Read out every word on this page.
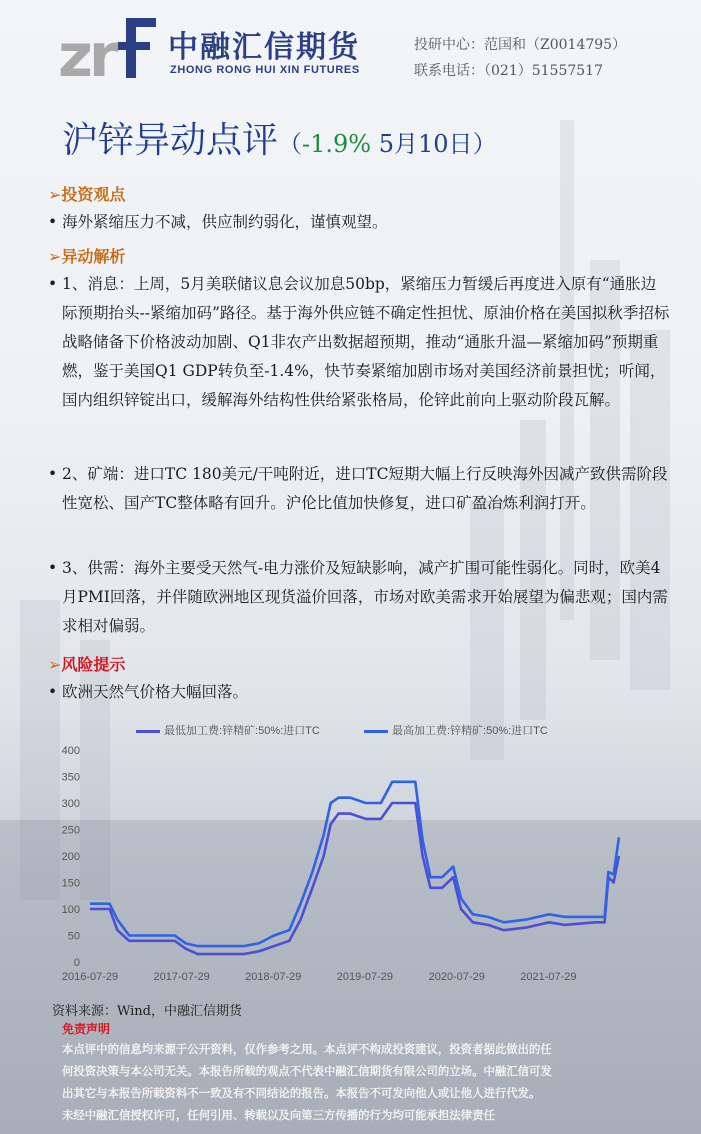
zr 中融汇信期货
ZHONG RONG HUI XIN FUTURES
投研中心：范国和（Z0014795）
联系电话：（021）51557517
沪锌异动点评（-1.9% 5月10日）
➢投资观点
• 海外紧缩压力不减，供应制约弱化，谨慎观望。
➢异动解析
• 1、消息：上周，5月美联储议息会议加息50bp，紧缩压力暂缓后再度进入原有“通胀边际预期抬头--紧缩加码”路径。基于海外供应链不确定性担忧、原油价格在美国拟秋季招标战略储备下价格波动加剧、Q1非农产出数据超预期，推动“通胀升温—紧缩加码”预期重燃，鉴于美国Q1 GDP转负至-1.4%，快节奏紧缩加剧市场对美国经济前景担忧；听闻，国内组织锌锭出口，缓解海外结构性供给紧张格局，伦锌此前向上驱动阶段瓦解。
• 2、矿端：进口TC 180美元/干吨附近，进口TC短期大幅上行反映海外因减产致供需阶段性宽松、国产TC整体略有回升。沪伦比值加快修复，进口矿盈冶炼利润打开。
• 3、供需：海外主要受天然气-电力涨价及短缺影响，减产扩围可能性弱化。同时，欧美4月PMI回落，并伴随欧洲地区现货溢价回落，市场对欧美需求开始展望为偏悲观；国内需求相对偏弱。
➢风险提示
• 欧洲天然气价格大幅回落。
最低加工费:锌精矿:50%:进口TC	最高加工费:锌精矿:50%:进口TC
0
50
100
150
200
250
300
350
400
2016-07-29	2017-07-29	2018-07-29	2019-07-29	2020-07-29	2021-07-29
资料来源：Wind，中融汇信期货
免责声明
本点评中的信息均来源于公开资料，仅作参考之用。本点评不构成投资建议，投资者据此做出的任
何投资决策与本公司无关。本报告所载的观点不代表中融汇信期货有限公司的立场。中融汇信可发
出其它与本报告所载资料不一致及有不同结论的报告。本报告不可发向他人或让他人进行代发。
未经中融汇信授权许可，任何引用、转载以及向第三方传播的行为均可能承担法律责任
